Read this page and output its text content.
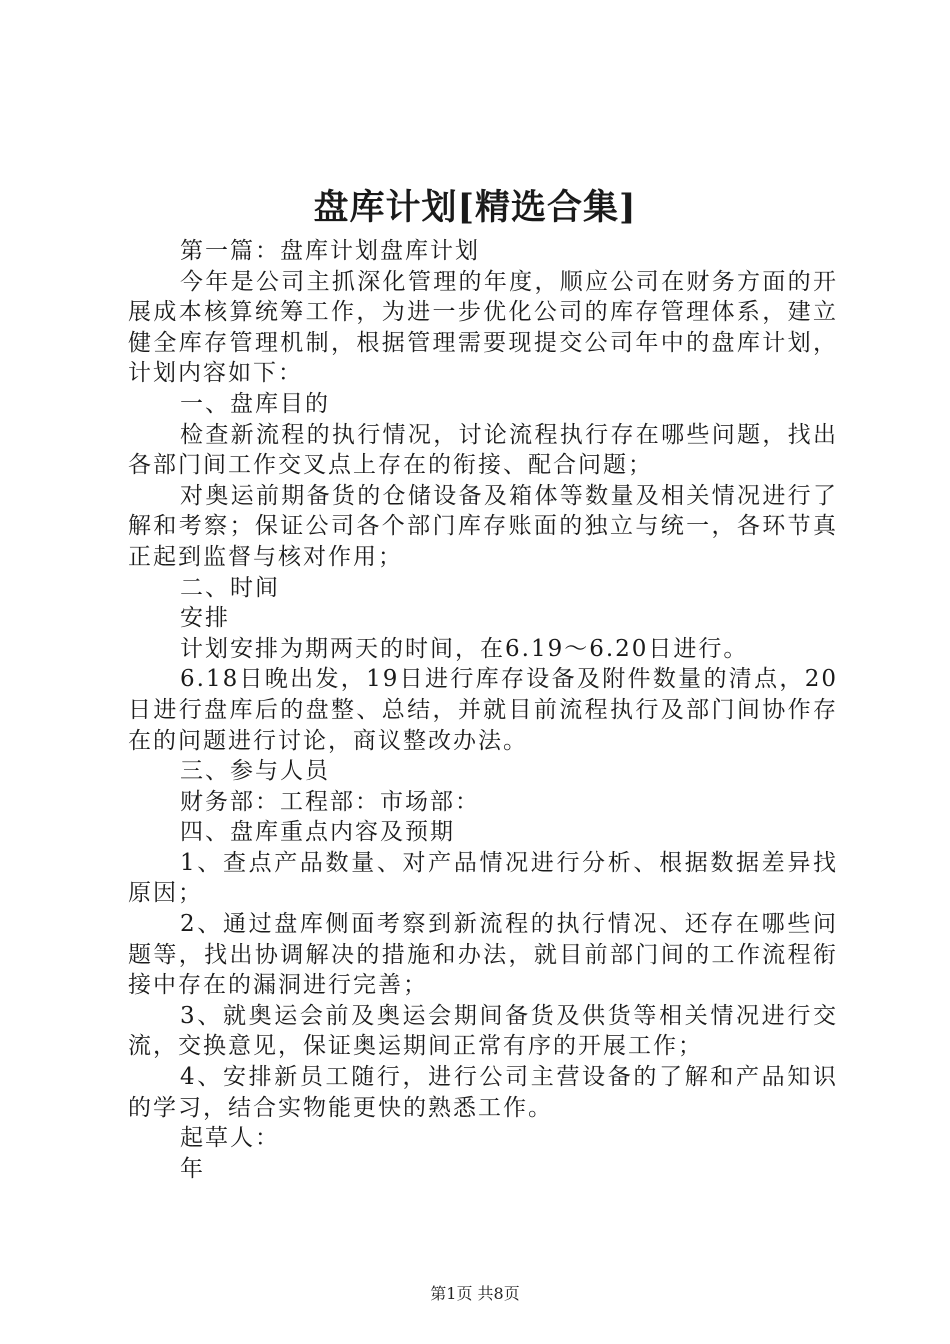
盘库计划[精选合集]

第一篇：盘库计划盘库计划

今年是公司主抓深化管理的年度，顺应公司在财务方面的开展成本核算统筹工作，为进一步优化公司的库存管理体系，建立健全库存管理机制，根据管理需要现提交公司年中的盘库计划，计划内容如下：

一、盘库目的

检查新流程的执行情况，讨论流程执行存在哪些问题，找出各部门间工作交叉点上存在的衔接、配合问题；

对奥运前期备货的仓储设备及箱体等数量及相关情况进行了解和考察；保证公司各个部门库存账面的独立与统一，各环节真正起到监督与核对作用；

二、时间

安排

计划安排为期两天的时间，在6.19～6.20日进行。

6.18日晚出发，19日进行库存设备及附件数量的清点，20日进行盘库后的盘整、总结，并就目前流程执行及部门间协作存在的问题进行讨论，商议整改办法。

三、参与人员

财务部：工程部：市场部：

四、盘库重点内容及预期

1、查点产品数量、对产品情况进行分析、根据数据差异找原因；

2、通过盘库侧面考察到新流程的执行情况、还存在哪些问题等，找出协调解决的措施和办法，就目前部门间的工作流程衔接中存在的漏洞进行完善；

3、就奥运会前及奥运会期间备货及供货等相关情况进行交流，交换意见，保证奥运期间正常有序的开展工作；

4、安排新员工随行，进行公司主营设备的了解和产品知识的学习，结合实物能更快的熟悉工作。

起草人：

年

第1页 共8页
